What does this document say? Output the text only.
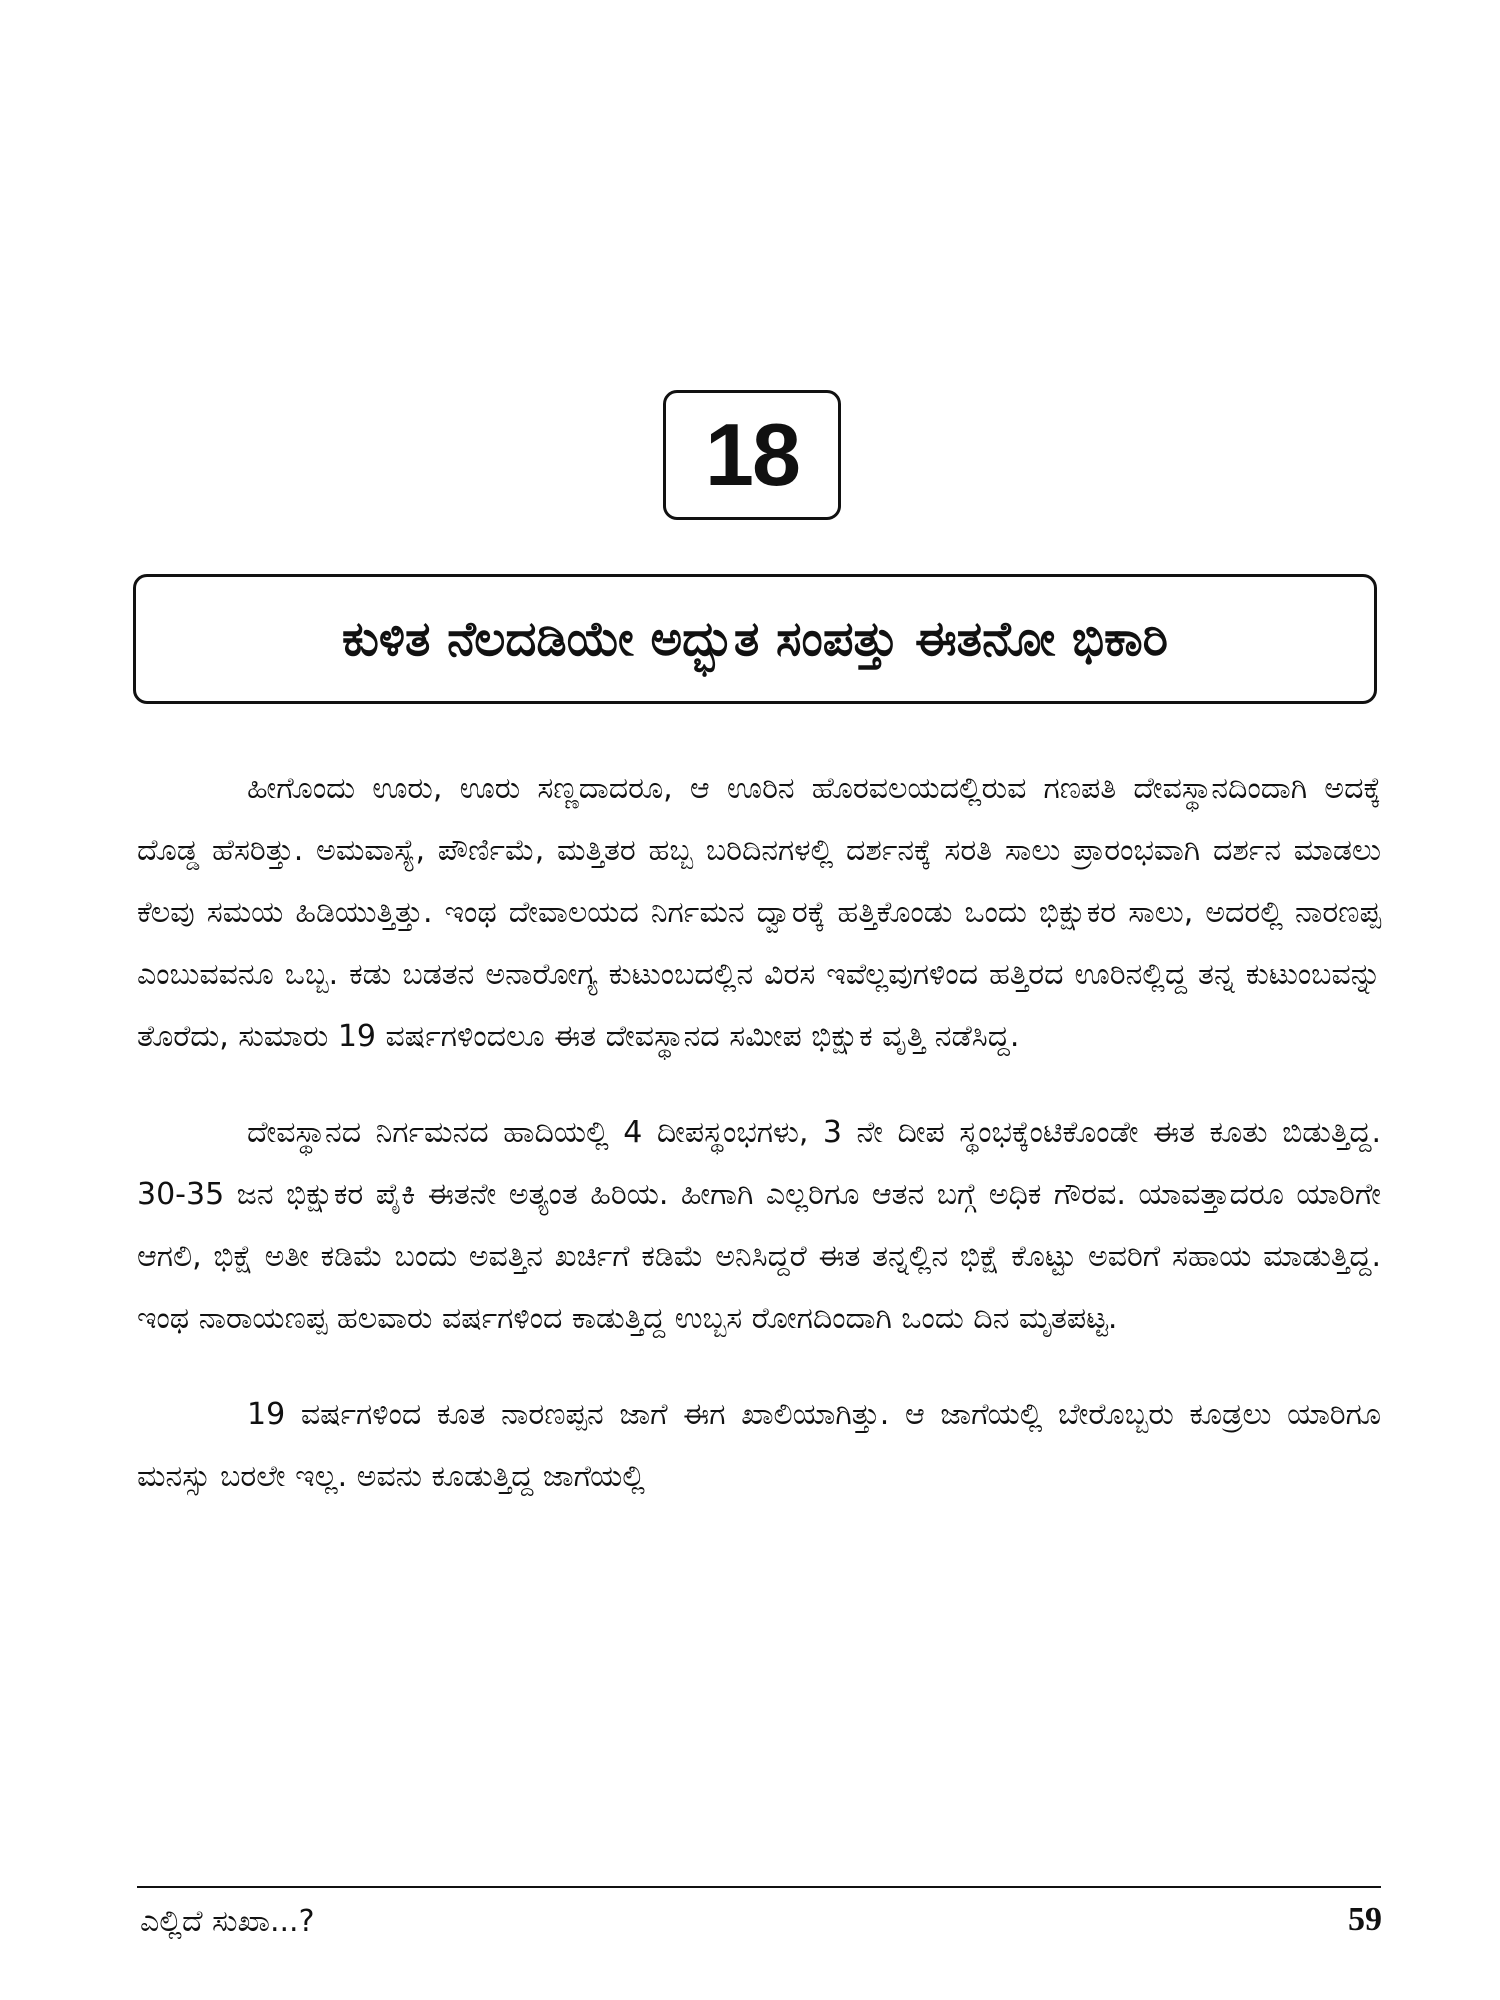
18
ಕುಳಿತ ನೆಲದಡಿಯೇ ಅದ್ಭುತ ಸಂಪತ್ತು ಈತನೋ ಭಿಕಾರಿ

ಹೀಗೊಂದು ಊರು, ಊರು ಸಣ್ಣದಾದರೂ, ಆ ಊರಿನ ಹೊರವಲಯದಲ್ಲಿರುವ ಗಣಪತಿ ದೇವಸ್ಥಾನದಿಂದಾಗಿ ಅದಕ್ಕೆ ದೊಡ್ಡ ಹೆಸರಿತ್ತು. ಅಮವಾಸ್ಯೆ, ಪೌರ್ಣಿಮೆ, ಮತ್ತಿತರ ಹಬ್ಬ ಬರಿದಿನಗಳಲ್ಲಿ ದರ್ಶನಕ್ಕೆ ಸರತಿ ಸಾಲು ಪ್ರಾರಂಭವಾಗಿ ದರ್ಶನ ಮಾಡಲು ಕೆಲವು ಸಮಯ ಹಿಡಿಯುತ್ತಿತ್ತು. ಇಂಥ ದೇವಾಲಯದ ನಿರ್ಗಮನ ದ್ವಾರಕ್ಕೆ ಹತ್ತಿಕೊಂಡು ಒಂದು ಭಿಕ್ಷುಕರ ಸಾಲು, ಅದರಲ್ಲಿ ನಾರಣಪ್ಪ ಎಂಬುವವನೂ ಒಬ್ಬ. ಕಡು ಬಡತನ ಅನಾರೋಗ್ಯ ಕುಟುಂಬದಲ್ಲಿನ ವಿರಸ ಇವೆಲ್ಲವುಗಳಿಂದ ಹತ್ತಿರದ ಊರಿನಲ್ಲಿದ್ದ ತನ್ನ ಕುಟುಂಬವನ್ನು ತೊರೆದು, ಸುಮಾರು 19 ವರ್ಷಗಳಿಂದಲೂ ಈತ ದೇವಸ್ಥಾನದ ಸಮೀಪ ಭಿಕ್ಷುಕ ವೃತ್ತಿ ನಡೆಸಿದ್ದ.

ದೇವಸ್ಥಾನದ ನಿರ್ಗಮನದ ಹಾದಿಯಲ್ಲಿ 4 ದೀಪಸ್ಥಂಭಗಳು, 3 ನೇ ದೀಪ ಸ್ಥಂಭಕ್ಕೆಂಟಿಕೊಂಡೇ ಈತ ಕೂತು ಬಿಡುತ್ತಿದ್ದ. 30-35 ಜನ ಭಿಕ್ಷುಕರ ಪೈಕಿ ಈತನೇ ಅತ್ಯಂತ ಹಿರಿಯ. ಹೀಗಾಗಿ ಎಲ್ಲರಿಗೂ ಆತನ ಬಗ್ಗೆ ಅಧಿಕ ಗೌರವ. ಯಾವತ್ತಾದರೂ ಯಾರಿಗೇ ಆಗಲಿ, ಭಿಕ್ಷೆ ಅತೀ ಕಡಿಮೆ ಬಂದು ಅವತ್ತಿನ ಖರ್ಚಿಗೆ ಕಡಿಮೆ ಅನಿಸಿದ್ದರೆ ಈತ ತನ್ನಲ್ಲಿನ ಭಿಕ್ಷೆ ಕೊಟ್ಟು ಅವರಿಗೆ ಸಹಾಯ ಮಾಡುತ್ತಿದ್ದ. ಇಂಥ ನಾರಾಯಣಪ್ಪ ಹಲವಾರು ವರ್ಷಗಳಿಂದ ಕಾಡುತ್ತಿದ್ದ ಉಬ್ಬಸ ರೋಗದಿಂದಾಗಿ ಒಂದು ದಿನ ಮೃತಪಟ್ಟ.

19 ವರ್ಷಗಳಿಂದ ಕೂತ ನಾರಣಪ್ಪನ ಜಾಗೆ ಈಗ ಖಾಲಿಯಾಗಿತ್ತು. ಆ ಜಾಗೆಯಲ್ಲಿ ಬೇರೊಬ್ಬರು ಕೂಡ್ರಲು ಯಾರಿಗೂ ಮನಸ್ಸು ಬರಲೇ ಇಲ್ಲ. ಅವನು ಕೂಡುತ್ತಿದ್ದ ಜಾಗೆಯಲ್ಲಿ

ಎಲ್ಲಿದೆ ಸುಖಾ...?	59
